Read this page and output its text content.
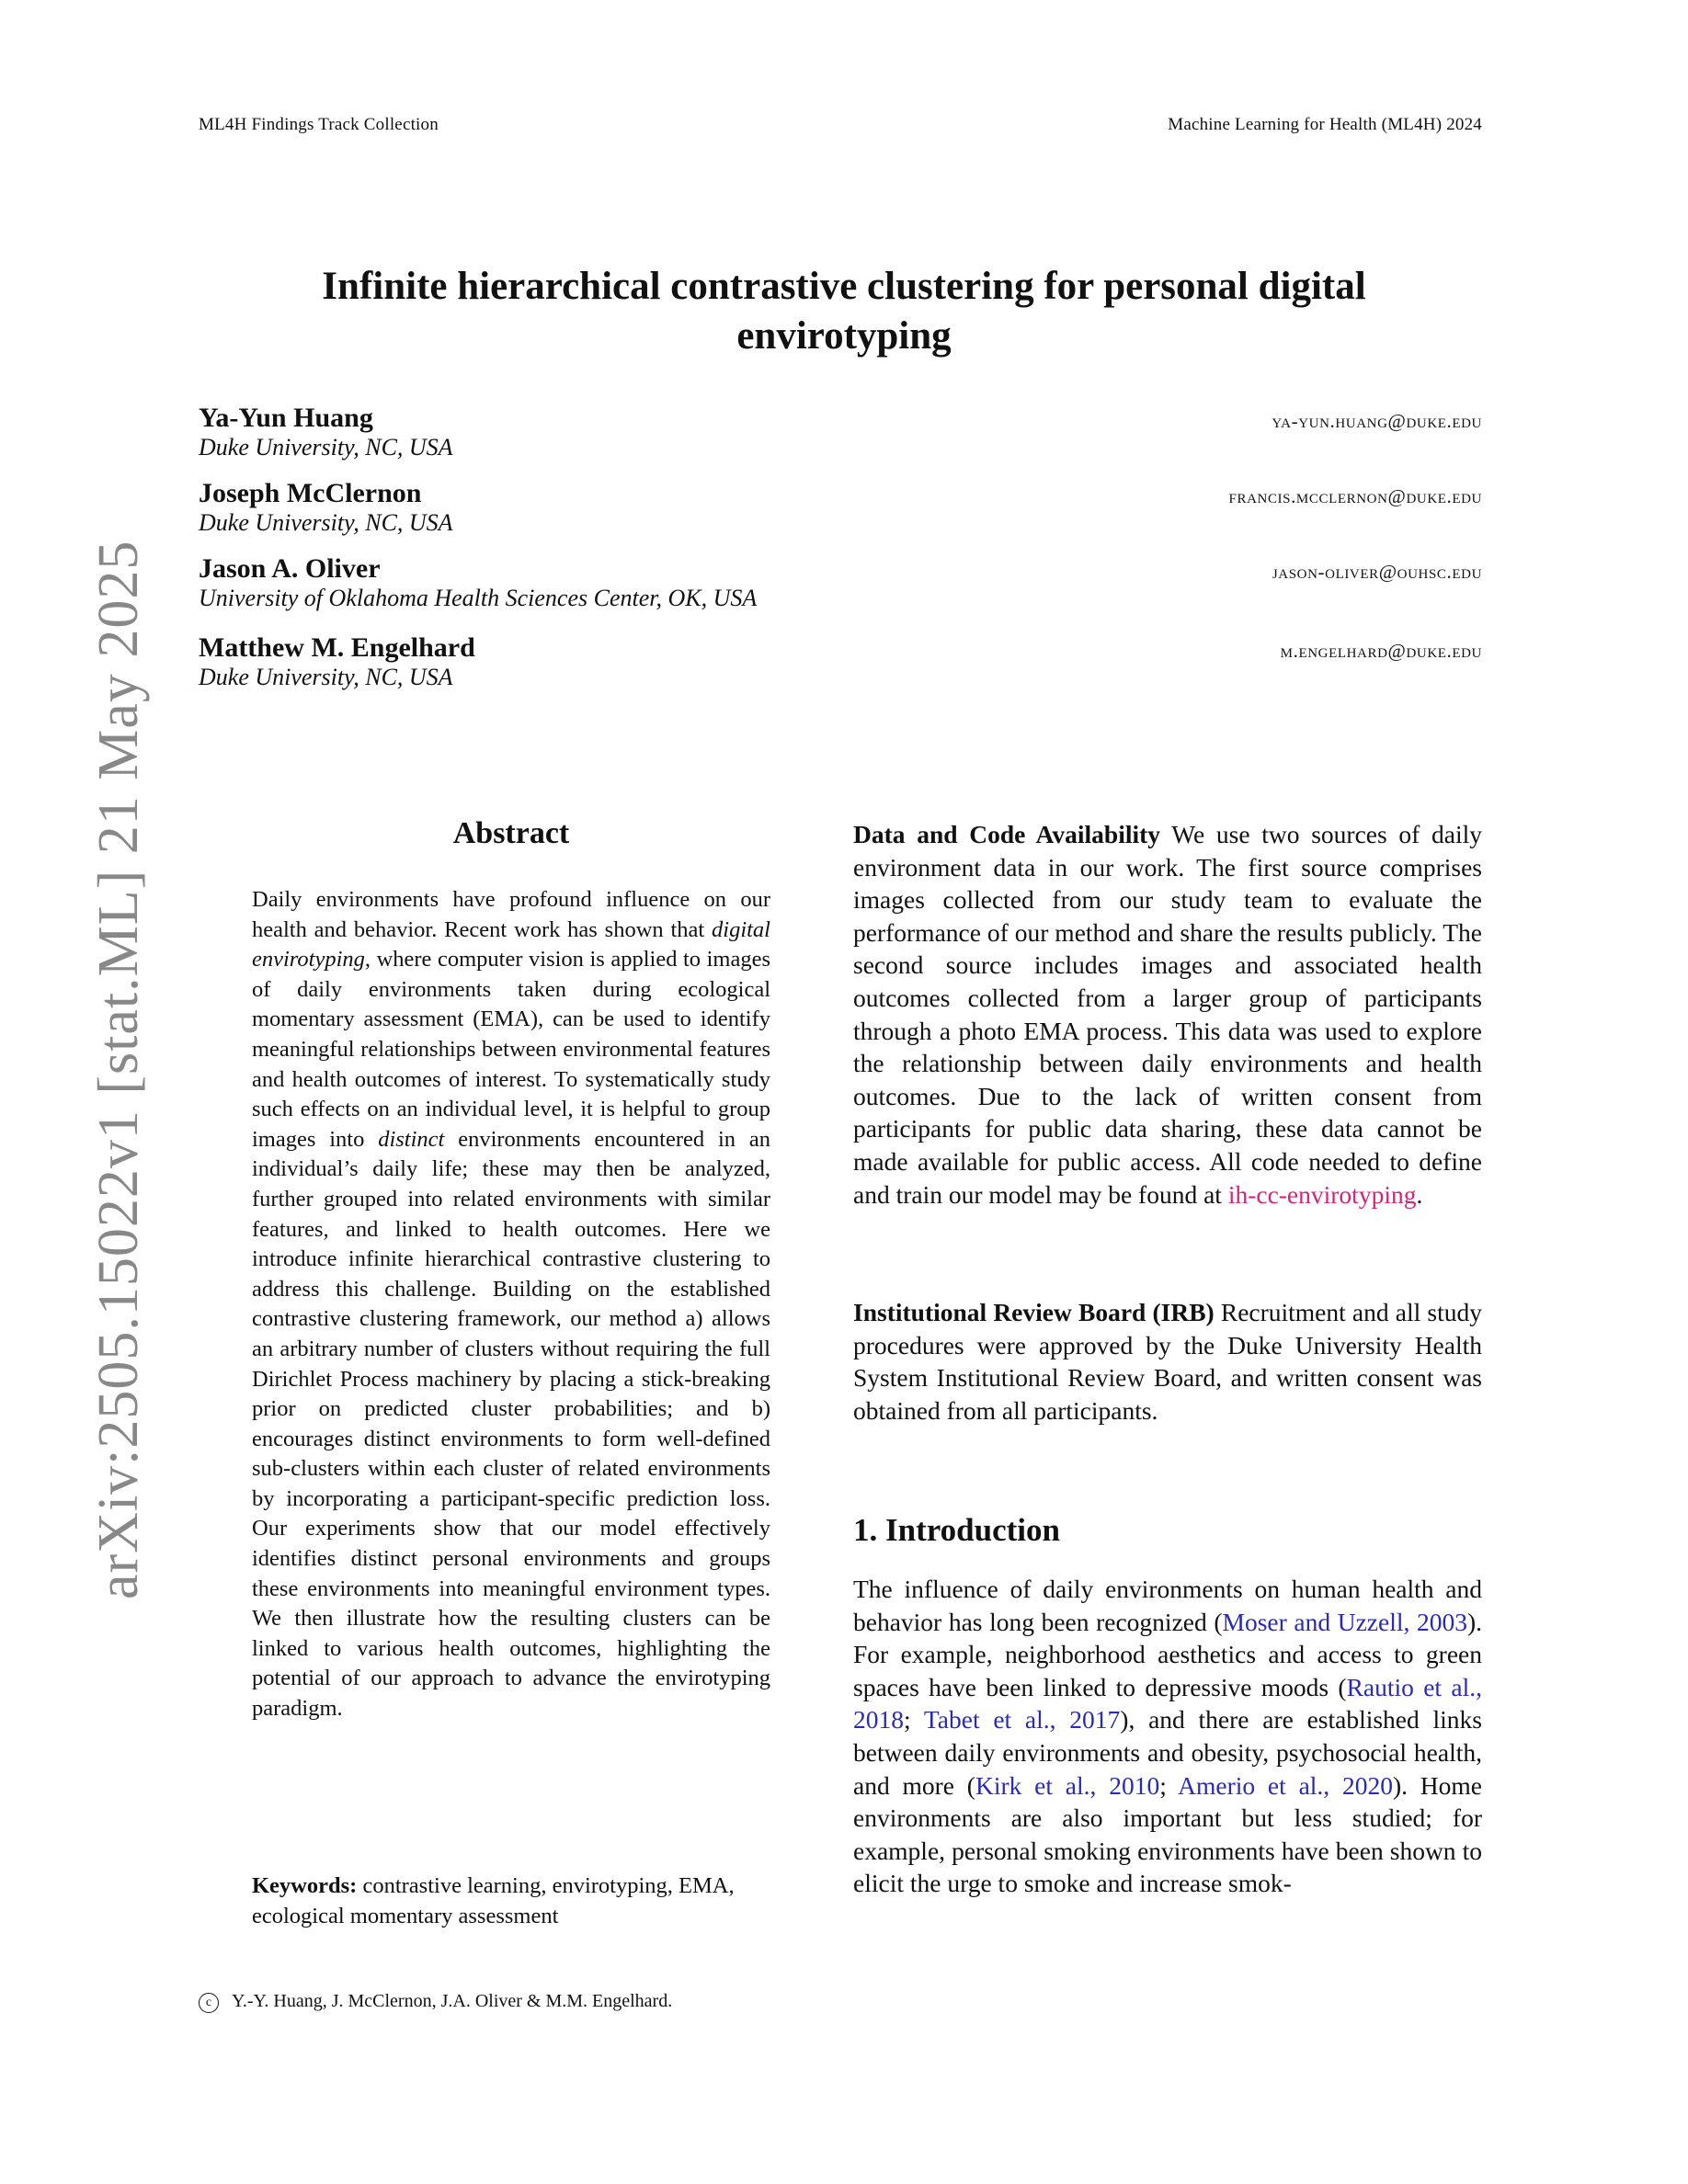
ML4H Findings Track Collection	Machine Learning for Health (ML4H) 2024
Infinite hierarchical contrastive clustering for personal digital
envirotyping
Ya-Yun Huang	ya-yun.huang@duke.edu
Duke University, NC, USA
Joseph McClernon	francis.mcclernon@duke.edu
Duke University, NC, USA
Jason A. Oliver	jason-oliver@ouhsc.edu
University of Oklahoma Health Sciences Center, OK, USA
Matthew M. Engelhard	m.engelhard@duke.edu
Duke University, NC, USA
arXiv:2505.15022v1 [stat.ML] 21 May 2025	Abstract
Daily environments have profound influence on our health and behavior. Recent work has shown that digital envirotyping, where computer vision is applied to images of daily environments taken during ecological momentary assessment (EMA), can be used to identify meaningful relationships between environmental features and health outcomes of interest. To systematically study such effects on an individual level, it is helpful to group images into distinct environments encountered in an individual’s daily life; these may then be analyzed, further grouped into related environments with similar features, and linked to health outcomes. Here we introduce infinite hierarchical contrastive clustering to address this challenge. Building on the established contrastive clustering framework, our method a) allows an arbitrary number of clusters without requiring the full Dirichlet Process machinery by placing a stick-breaking prior on predicted cluster probabilities; and b) encourages distinct environments to form well-defined sub-clusters within each cluster of related environments by incorporating a participant-specific prediction loss. Our experiments show that our model effectively identifies distinct personal environments and groups these environments into meaningful environment types. We then illustrate how the resulting clusters can be linked to various health outcomes, highlighting the potential of our approach to advance the envirotyping paradigm.
Keywords: contrastive learning, envirotyping, EMA, ecological momentary assessment
Data and Code Availability We use two sources of daily environment data in our work. The first source comprises images collected from our study team to evaluate the performance of our method and share the results publicly. The second source includes images and associated health outcomes collected from a larger group of participants through a photo EMA process. This data was used to explore the relationship between daily environments and health outcomes. Due to the lack of written consent from participants for public data sharing, these data cannot be made available for public access. All code needed to define and train our model may be found at ih-cc-envirotyping.
Institutional Review Board (IRB) Recruitment and all study procedures were approved by the Duke University Health System Institutional Review Board, and written consent was obtained from all participants.
1. Introduction
The influence of daily environments on human health and behavior has long been recognized (Moser and Uzzell, 2003). For example, neighborhood aesthetics and access to green spaces have been linked to depressive moods (Rautio et al., 2018; Tabet et al., 2017), and there are established links between daily environments and obesity, psychosocial health, and more (Kirk et al., 2010; Amerio et al., 2020). Home environments are also important but less studied; for example, personal smoking environments have been shown to elicit the urge to smoke and increase smok-
c Y.-Y. Huang, J. McClernon, J.A. Oliver & M.M. Engelhard.
